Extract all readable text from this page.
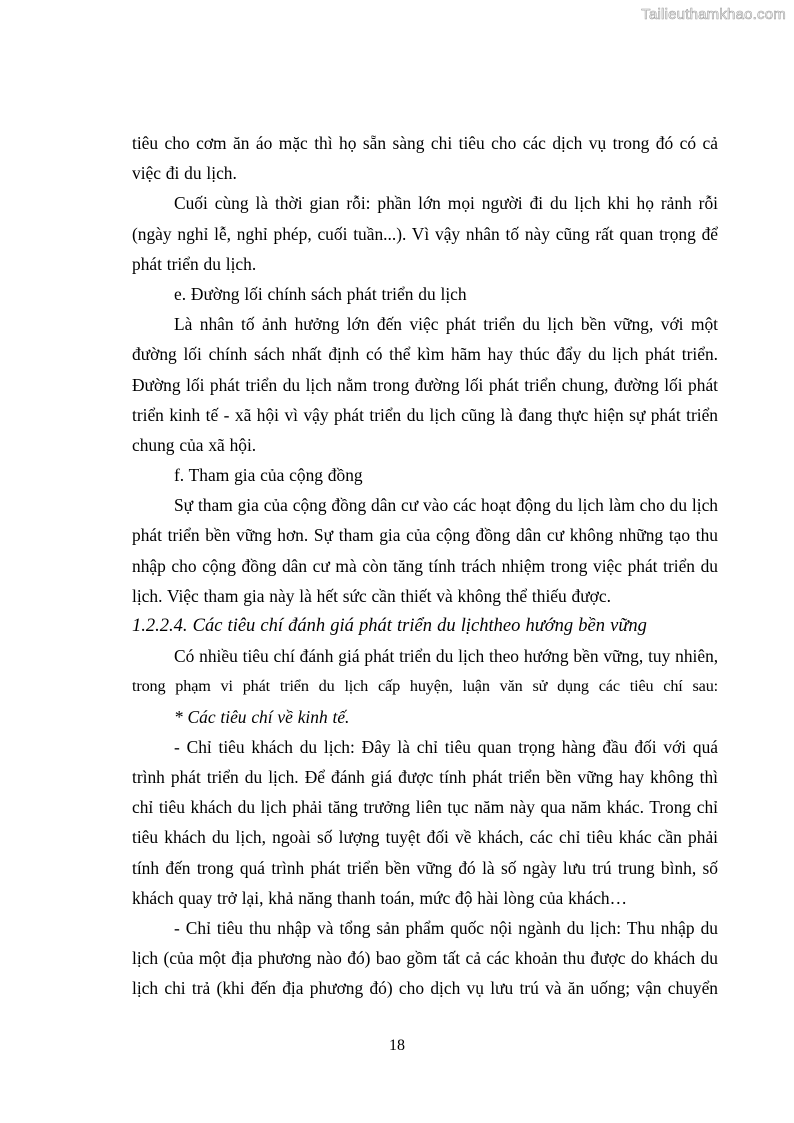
Tailieuthamkhao.com
tiêu cho cơm ăn áo mặc thì họ sẵn sàng chi tiêu cho các dịch vụ trong đó có cả
việc đi du lịch.
Cuối cùng là thời gian rỗi: phần lớn mọi người đi du lịch khi họ rảnh rỗi
(ngày nghỉ lễ, nghỉ phép, cuối tuần...). Vì vậy nhân tố này cũng rất quan trọng để
phát triển du lịch.
e. Đường lối chính sách phát triển du lịch
Là nhân tố ảnh hưởng lớn đến việc phát triển du lịch bền vững, với một
đường lối chính sách nhất định có thể kìm hãm hay thúc đẩy du lịch phát triển.
Đường lối phát triển du lịch nằm trong đường lối phát triển chung, đường lối phát
triển kinh tế - xã hội vì vậy phát triển du lịch cũng là đang thực hiện sự phát triển
chung của xã hội.
f. Tham gia của cộng đồng
Sự tham gia của cộng đồng dân cư vào các hoạt động du lịch làm cho du lịch
phát triển bền vững hơn. Sự tham gia của cộng đồng dân cư không những tạo thu
nhập cho cộng đồng dân cư mà còn tăng tính trách nhiệm trong việc phát triển du
lịch. Việc tham gia này là hết sức cần thiết và không thể thiếu được.
1.2.2.4. Các tiêu chí đánh giá phát triển du lịchtheo hướng bền vững
Có nhiều tiêu chí đánh giá phát triển du lịch theo hướng bền vững, tuy nhiên,
trong phạm vi phát triển du lịch cấp huyện, luận văn sử dụng các tiêu chí sau:
* Các tiêu chí về kinh tế.
- Chỉ tiêu khách du lịch: Đây là chỉ tiêu quan trọng hàng đầu đối với quá
trình phát triển du lịch. Để đánh giá được tính phát triển bền vững hay không thì
chỉ tiêu khách du lịch phải tăng trưởng liên tục năm này qua năm khác. Trong chỉ
tiêu khách du lịch, ngoài số lượng tuyệt đối về khách, các chỉ tiêu khác cần phải
tính đến trong quá trình phát triển bền vững đó là số ngày lưu trú trung bình, số
khách quay trở lại, khả năng thanh toán, mức độ hài lòng của khách…
- Chỉ tiêu thu nhập và tổng sản phẩm quốc nội ngành du lịch: Thu nhập du
lịch (của một địa phương nào đó) bao gồm tất cả các khoản thu được do khách du
lịch chi trả (khi đến địa phương đó) cho dịch vụ lưu trú và ăn uống; vận chuyển
18
